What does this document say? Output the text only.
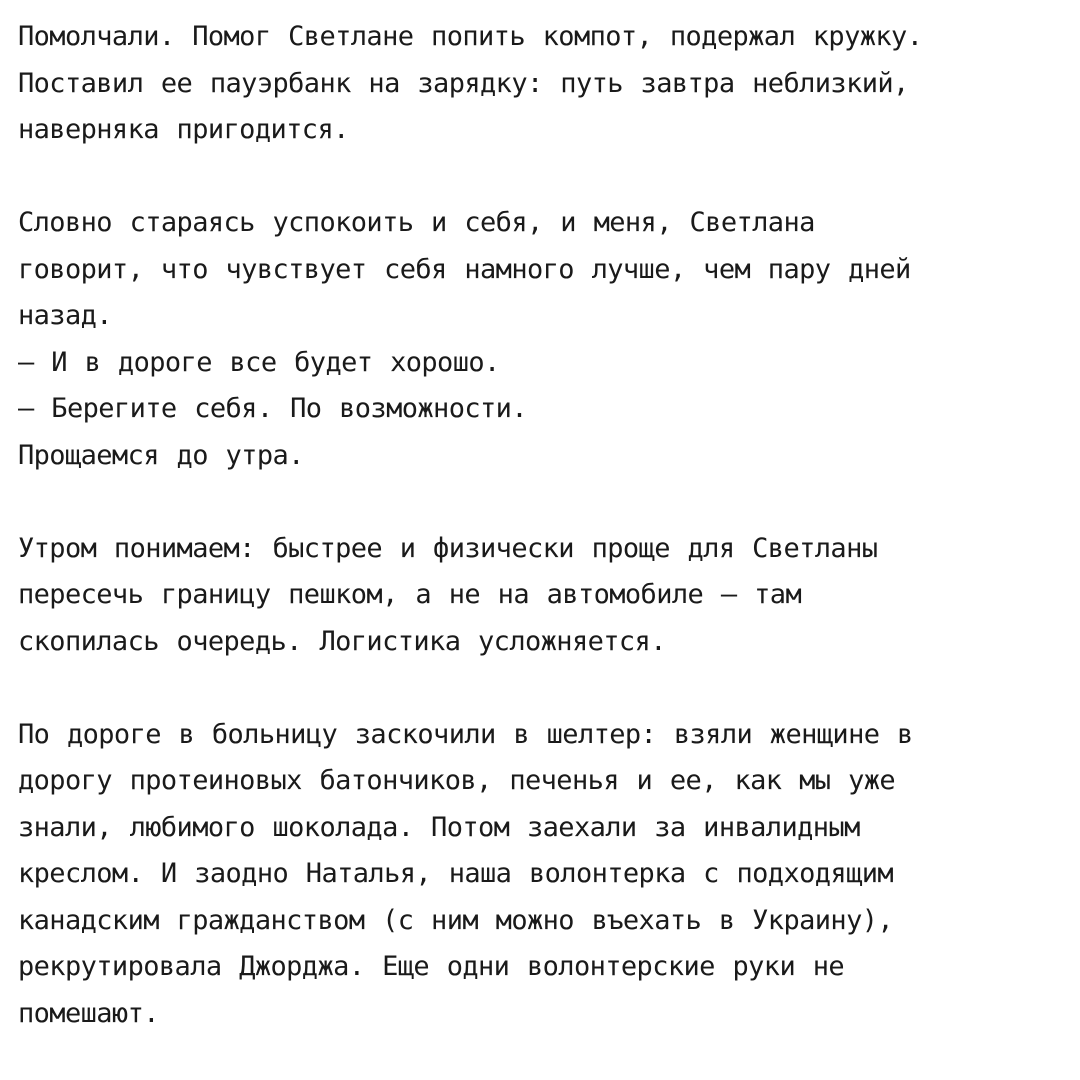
Помолчали. Помог Светлане попить компот, подержал кружку.
Поставил ее пауэрбанк на зарядку: путь завтра неблизкий,
наверняка пригодится.
Словно стараясь успокоить и себя, и меня, Светлана
говорит, что чувствует себя намного лучше, чем пару дней
назад.
— И в дороге все будет хорошо.
— Берегите себя. По возможности.
Прощаемся до утра.
Утром понимаем: быстрее и физически проще для Светланы
пересечь границу пешком, а не на автомобиле — там
скопилась очередь. Логистика усложняется.
По дороге в больницу заскочили в шелтер: взяли женщине в
дорогу протеиновых батончиков, печенья и ее, как мы уже
знали, любимого шоколада. Потом заехали за инвалидным
креслом. И заодно Наталья, наша волонтерка с подходящим
канадским гражданством (с ним можно въехать в Украину),
рекрутировала Джорджа. Еще одни волонтерские руки не
помешают.
